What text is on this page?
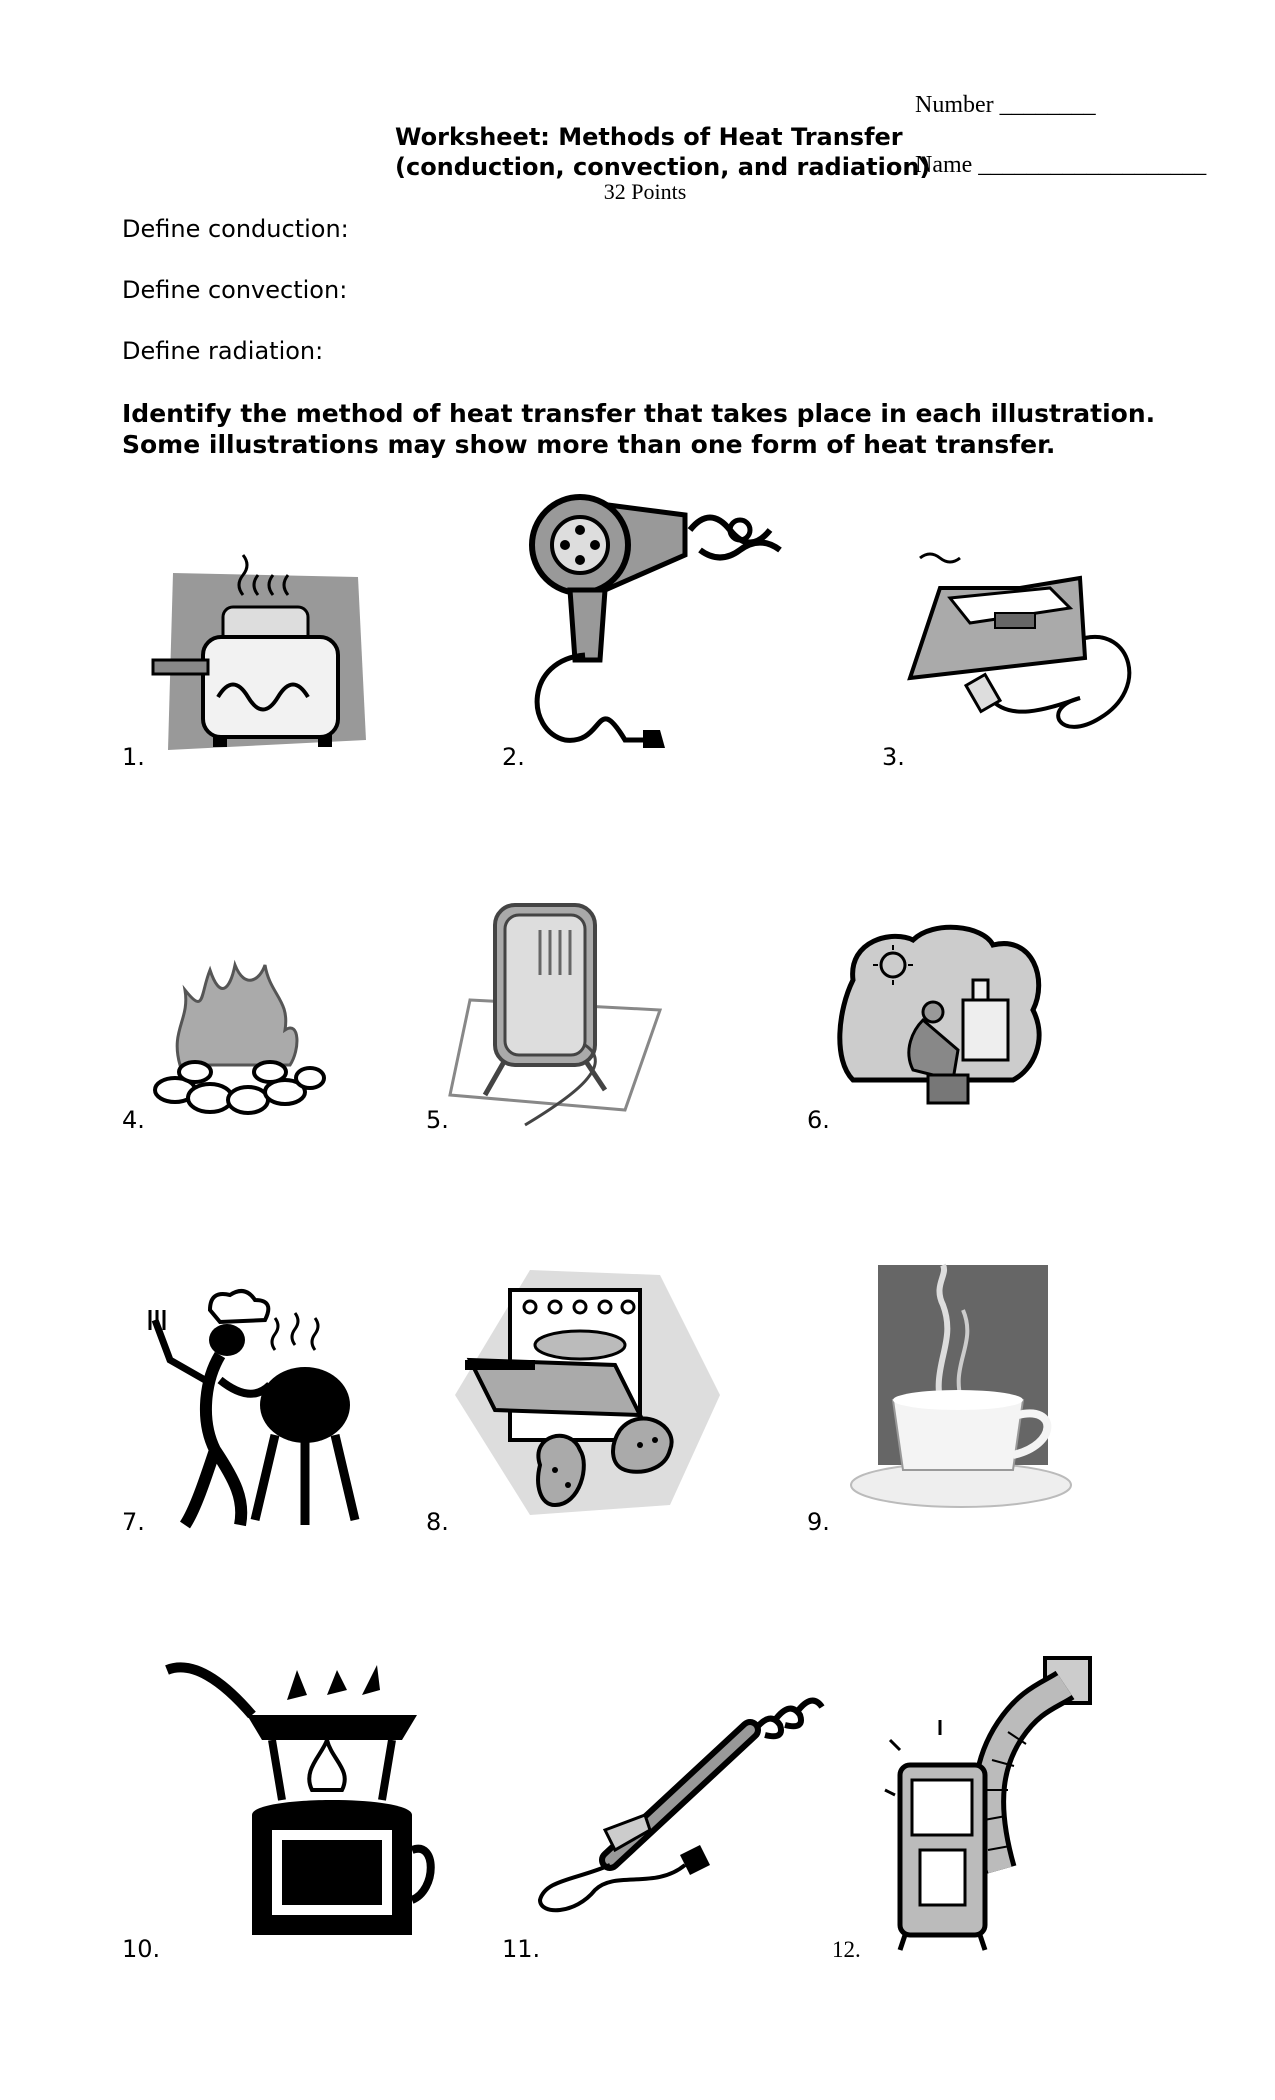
Number ________
Name ___________________
Worksheet: Methods of Heat Transfer
(conduction, convection, and radiation)
32 Points
Define conduction:
Define convection:
Define radiation:
Identify the method of heat transfer that takes place in each illustration. Some illustrations may show more than one form of heat transfer.
1.	2.	3.
4.	5.	6.
7.	8.	9.
10.	11.	12.
